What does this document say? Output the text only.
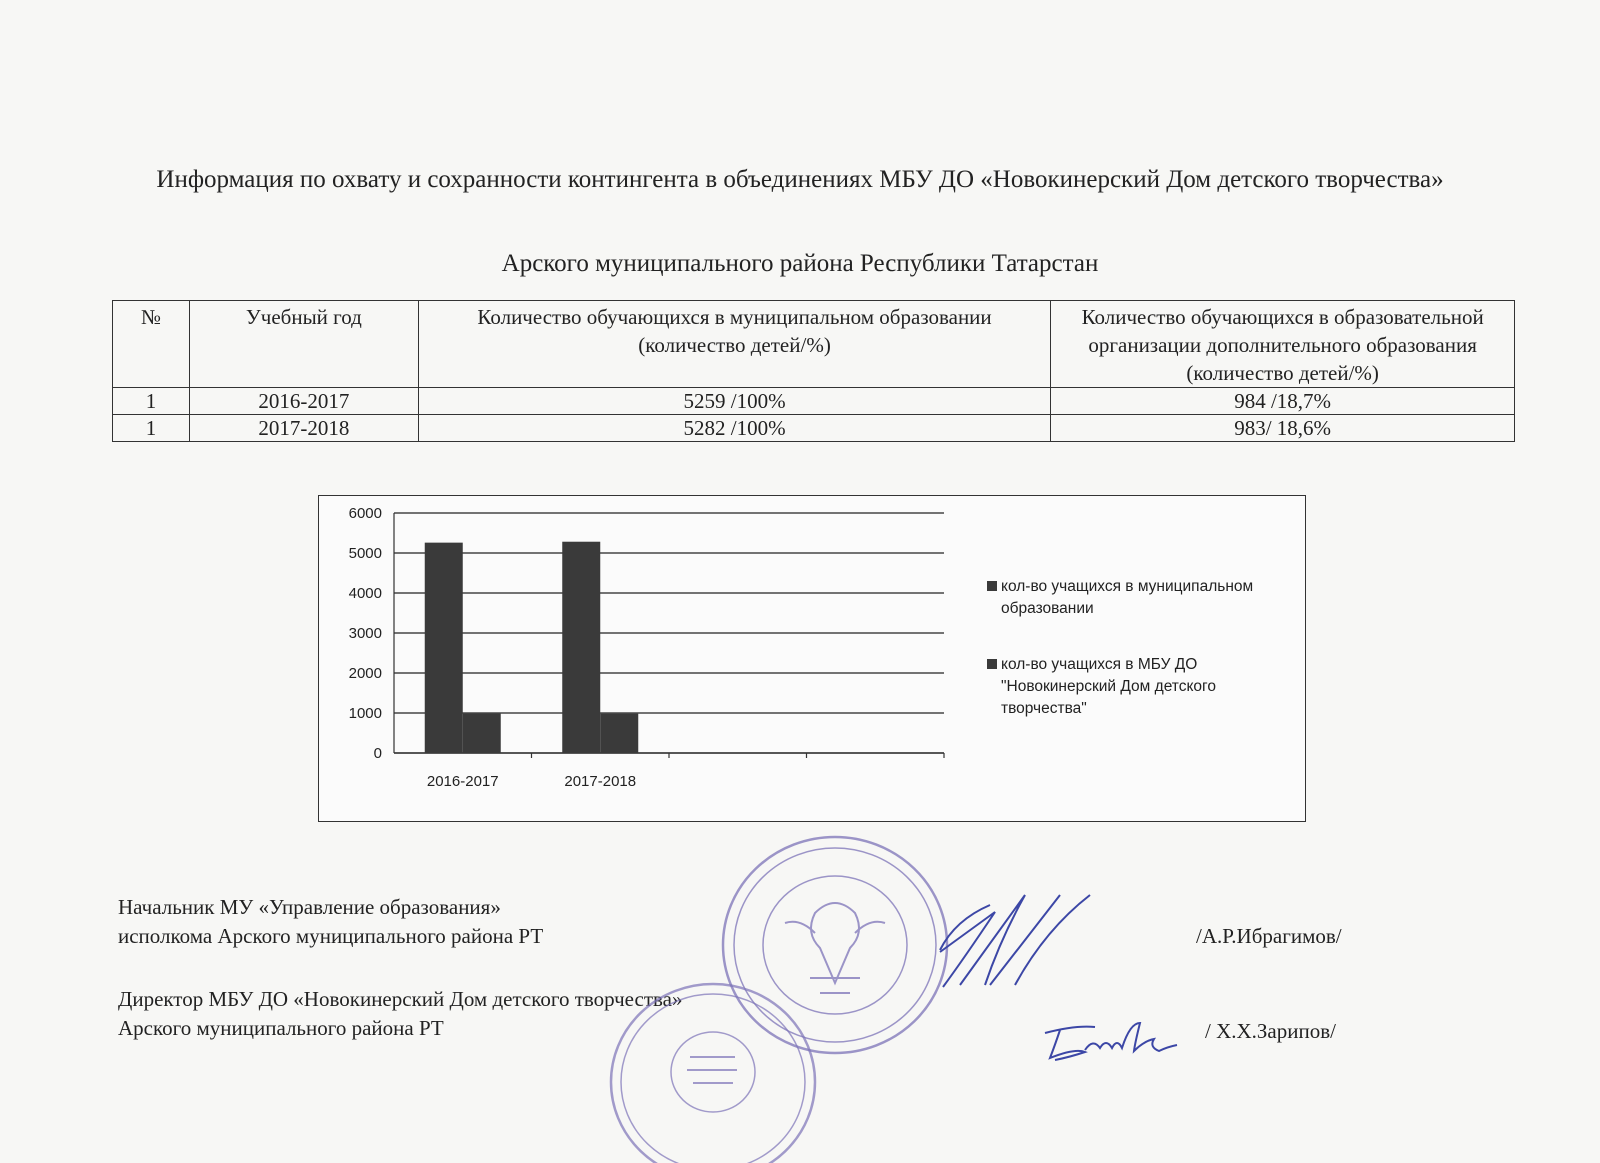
Информация по охвату и сохранности контингента в объединениях МБУ ДО «Новокинерский Дом детского творчества»
Арского муниципального района Республики Татарстан
№	Учебный год	Количество обучающихся в муниципальном образовании (количество детей/%)	Количество обучающихся в образовательной организации дополнительного образования (количество детей/%)
1	2016-2017	5259 /100%	984 /18,7%
1	2017-2018	5282 /100%	983/ 18,6%
0
1000
2000
3000
4000
5000
6000
2016-2017	2017-2018
кол-во учащихся в муниципальном образовании
кол-во учащихся в МБУ ДО "Новокинерский Дом детского творчества"
Начальник МУ «Управление образования»
исполкома Арского муниципального района РТ	/А.Р.Ибрагимов/
Директор МБУ ДО «Новокинерский Дом детского творчества»
Арского муниципального района РТ	/ Х.Х.Зарипов/
